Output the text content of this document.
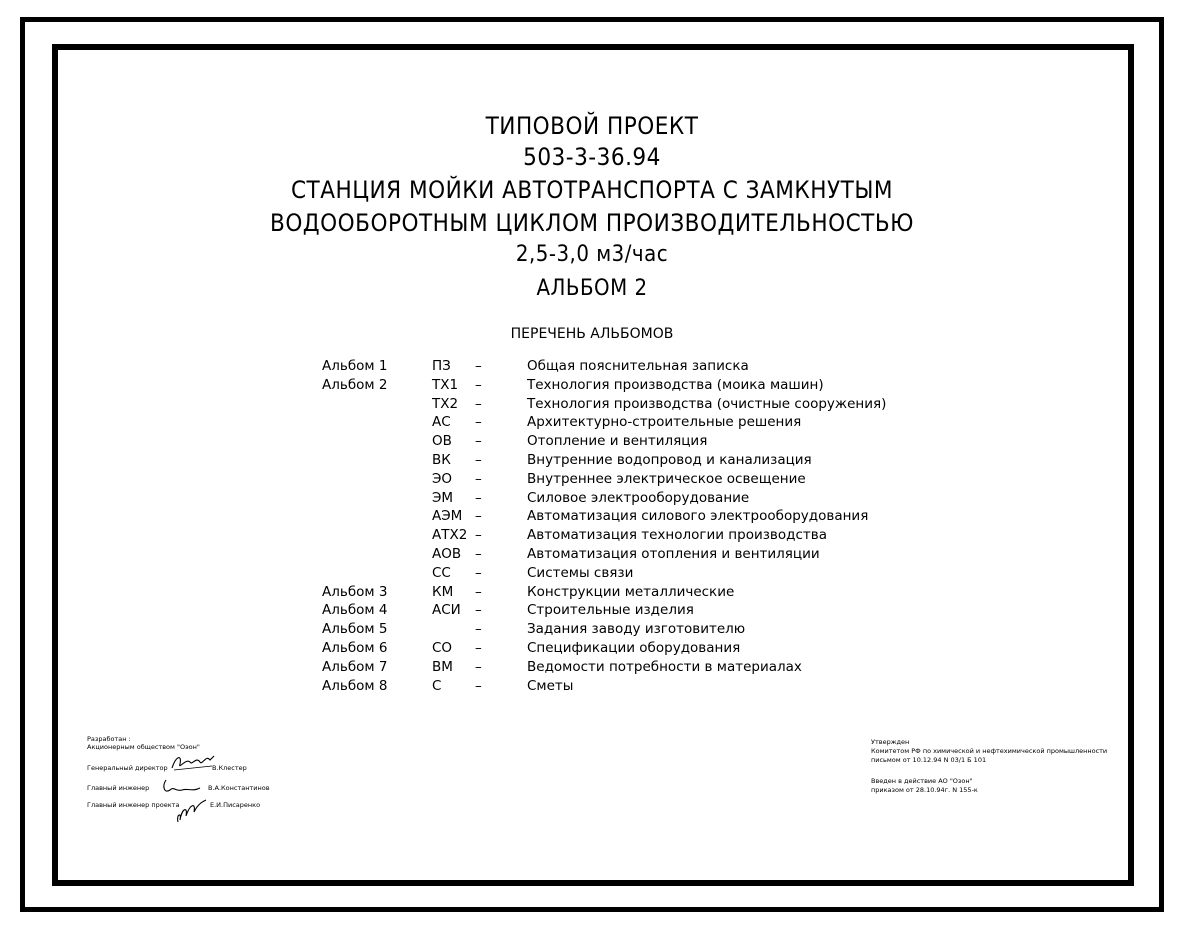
ТИПОВОЙ ПРОЕКТ
503-3-36.94
СТАНЦИЯ МОЙКИ АВТОТРАНСПОРТА С ЗАМКНУТЫМ
ВОДООБОРОТНЫМ ЦИКЛОМ ПРОИЗВОДИТЕЛЬНОСТЬЮ
2,5-3,0 м3/час
АЛЬБОМ 2
ПЕРЕЧЕНЬ АЛЬБОМОВ
Альбом 1	ПЗ –	Общая пояснительная записка
Альбом 2	ТХ1 –	Технология производства (моика машин)
ТХ2 –	Технология производства (очистные сооружения)
АС –	Архитектурно-строительные решения
ОВ –	Отопление и вентиляция
ВК –	Внутренние водопровод и канализация
ЭО –	Внутреннее электрическое освещение
ЭМ –	Силовое электрооборудование
АЭМ –	Автоматизация силового электрооборудования
АТХ2 –	Автоматизация технологии производства
АОВ –	Автоматизация отопления и вентиляции
СС –	Системы связи
Альбом 3	КМ –	Конструкции металлические
Альбом 4	АСИ –	Строительные изделия
Альбом 5	–	Задания заводу изготовителю
Альбом 6	СО –	Спецификации оборудования
Альбом 7	ВМ –	Ведомости потребности в материалах
Альбом 8	С –	Сметы
Разработан :
Акционерным обществом "Оэон"
Генеральный директор	В.Клестер
Главный инженер	В.А.Константинов
Главный инженер проекта	Е.И.Писаренко
Утвержден
Комитетом РФ по химической и нефтехимической промышленности
письмом от 10.12.94 N 03/1 Б 101
Введен в действие АО "Озон"
приказом от 28.10.94г. N 155-к
